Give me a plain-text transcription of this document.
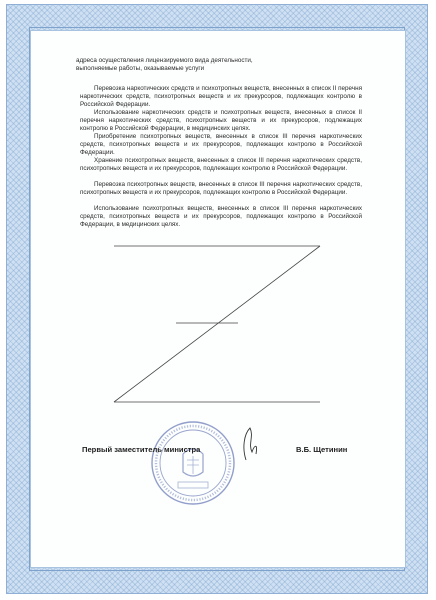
адреса осуществления лицензируемого вида деятельности,
выполняемые работы, оказываемые услуги
Перевозка наркотических средств и психотропных веществ, внесенных в список II перечня наркотических средств, психотропных веществ и их прекурсоров, подлежащих контролю в Российской Федерации.
Использование наркотических средств и психотропных веществ, внесенных в список II перечня наркотических средств, психотропных веществ и их прекурсоров, подлежащих контролю в Российской Федерации, в медицинских целях.
Приобретение психотропных веществ, внесенных в список III перечня наркотических средств, психотропных веществ и их прекурсоров, подлежащих контролю в Российской Федерации.
Хранение психотропных веществ, внесенных в список III перечня наркотических средств, психотропных веществ и их прекурсоров, подлежащих контролю в Российской Федерации.
Перевозка психотропных веществ, внесенных в список III перечня наркотических средств, психотропных веществ и их прекурсоров, подлежащих контролю в Российской Федерации.
Использование психотропных веществ, внесенных в список III перечня наркотических средств, психотропных веществ и их прекурсоров, подлежащих контролю в Российской Федерации, в медицинских целях.
Первый заместитель министра	В.Б. Щетинин
